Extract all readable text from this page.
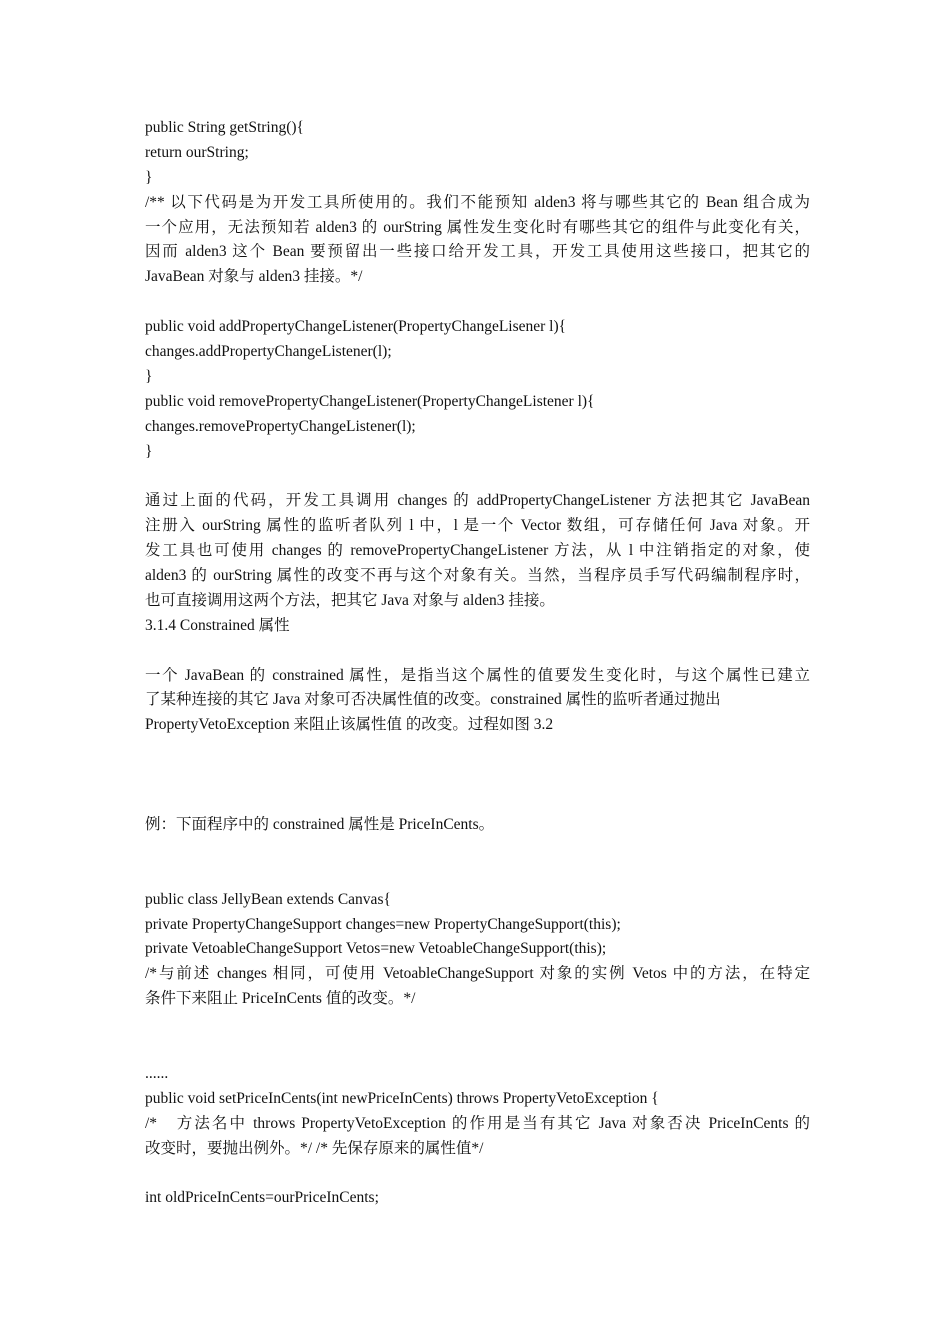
public String getString(){
return ourString;
}
/** 以下代码是为开发工具所使用的。我们不能预知 alden3 将与哪些其它的 Bean 组合成为
一个应用，无法预知若 alden3 的 ourString 属性发生变化时有哪些其它的组件与此变化有关，
因而 alden3 这个 Bean 要预留出一些接口给开发工具，开发工具使用这些接口，把其它的
JavaBean 对象与 alden3 挂接。*/
public void addPropertyChangeListener(PropertyChangeLisener l){
changes.addPropertyChangeListener(l);
}
public void removePropertyChangeListener(PropertyChangeListener l){
changes.removePropertyChangeListener(l);
}
通过上面的代码，开发工具调用 changes 的 addPropertyChangeListener 方法把其它 JavaBean
注册入 ourString 属性的监听者队列 l 中，l 是一个 Vector 数组，可存储任何 Java 对象。开
发工具也可使用 changes 的 removePropertyChangeListener 方法，从 l 中注销指定的对象，使
alden3 的 ourString 属性的改变不再与这个对象有关。当然，当程序员手写代码编制程序时，
也可直接调用这两个方法，把其它 Java 对象与 alden3 挂接。
3.1.4 Constrained 属性
一个 JavaBean 的 constrained 属性，是指当这个属性的值要发生变化时，与这个属性已建立
了某种连接的其它 Java 对象可否决属性值的改变。constrained 属性的监听者通过抛出
PropertyVetoException 来阻止该属性值 的改变。过程如图 3.2
例：下面程序中的 constrained 属性是 PriceInCents。
public class JellyBean extends Canvas{
private PropertyChangeSupport changes=new PropertyChangeSupport(this);
private VetoableChangeSupport Vetos=new VetoableChangeSupport(this);
/*与前述 changes 相同，可使用 VetoableChangeSupport 对象的实例 Vetos 中的方法，在特定
条件下来阻止 PriceInCents 值的改变。*/
......
public void setPriceInCents(int newPriceInCents) throws PropertyVetoException {
/*　方法名中 throws PropertyVetoException 的作用是当有其它 Java 对象否决 PriceInCents 的
改变时，要抛出例外。*/ /* 先保存原来的属性值*/
int oldPriceInCents=ourPriceInCents;
